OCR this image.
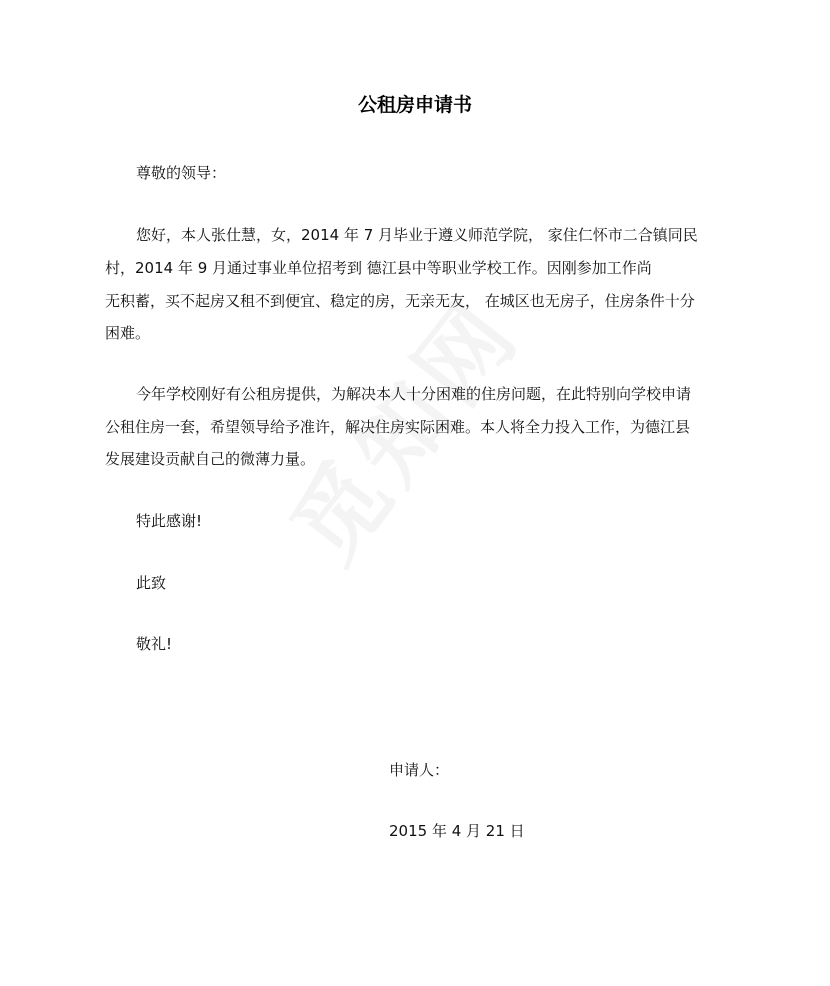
公租房申请书
尊敬的领导：
您好，本人张仕慧，女，2014 年 7 月毕业于遵义师范学院， 家住仁怀市二合镇同民
村，2014 年 9 月通过事业单位招考到 德江县中等职业学校工作。因刚参加工作尚
无积蓄，买不起房又租不到便宜、稳定的房，无亲无友， 在城区也无房子，住房条件十分
困难。
今年学校刚好有公租房提供，为解决本人十分困难的住房问题，在此特别向学校申请
公租住房一套，希望领导给予准许，解决住房实际困难。本人将全力投入工作，为德江县
发展建设贡献自己的微薄力量。
特此感谢!
此致
敬礼!
申请人：
2015 年 4 月 21 日
